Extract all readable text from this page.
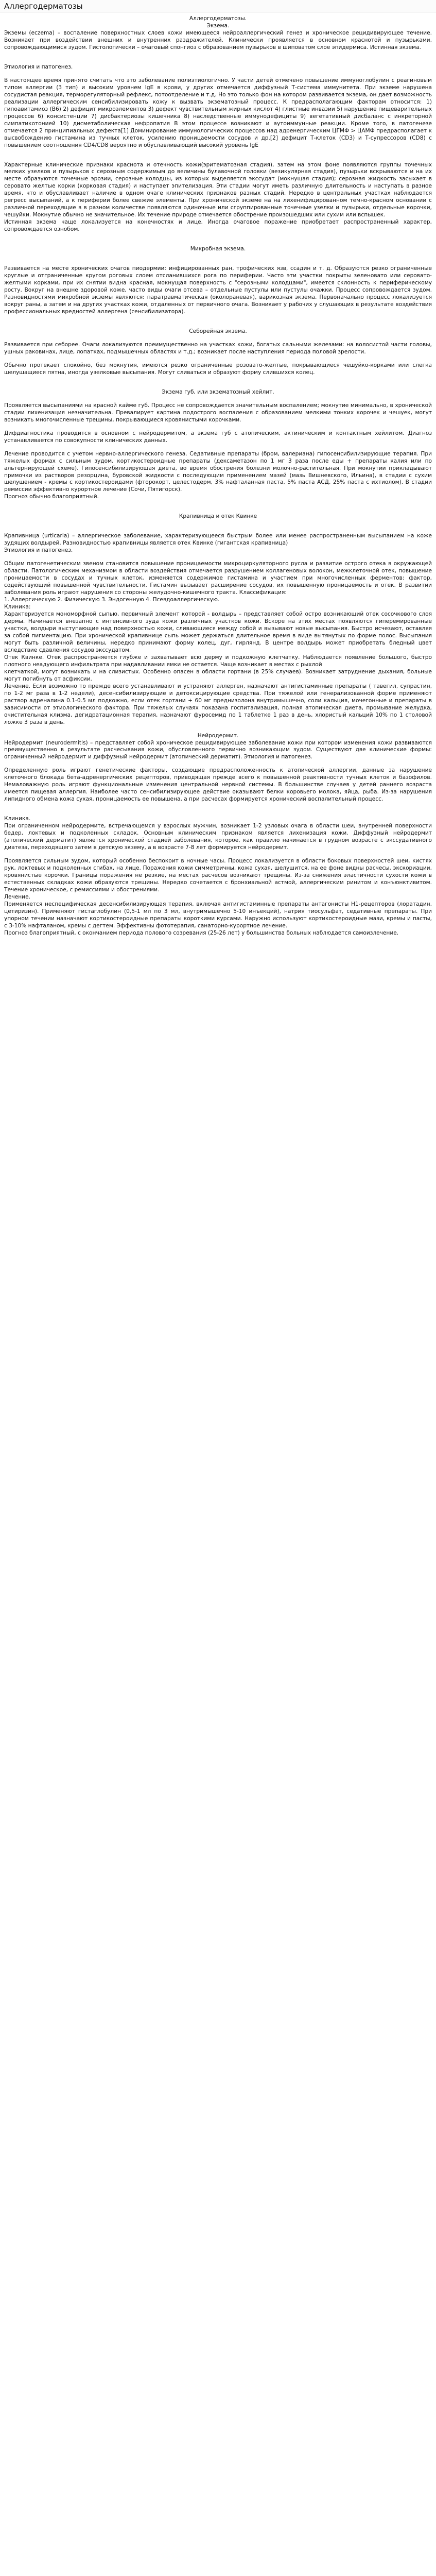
Аллергодерматозы

Аллергодерматозы.

Экзема.

Экземы (eczema) – воспаление поверхностных слоев кожи имеющееся нейроаллергический генез и хроническое рецидивирующее течение. Возникает при воздействии внешних и внутренних раздражителей. Клинически проявляется в основном краснотой и пузырьками, сопровождающимися зудом. Гистологически – очаговый спонгиоз с образованием пузырьков в шиповатом слое эпидермиса. Истинная экзема.

Этиология и патогенез.

В настоящее время принято считать что это заболевание полиэтиологично. У части детей отмечено повышение иммуноглобулин с реагиновым типом аллергии (3 тип) и высоким уровнем IgE в крови, у других отмечается диффузный Т-система иммунитета. При экземе нарушена сосудистая реакция, терморегуляторный рефлекс, потоотделение и т.д. Но это только фон на котором развивается экзема, он дает возможность реализации аллергическим сенсибилизировать кожу к вызвать экзематозный процесс. К предрасполагающим факторам относится: 1) гипоавитамиоз (В6) 2) дефицит микроэлементов 3) дефект чувствительным жирных кислот 4) глистные инвазии 5) нарушение пищеварительных процессов 6) консистенции 7) дисбактериозы кишечника 8) наследственные иммунодефициты 9) вегетативный дисбаланс с инкреторной симпатикотонией 10) дисметаболическая нефропатия В этом процессе возникают и аутоиммунные реакции. Кроме того, в патогенезе отмечается 2 принципиальных дефекта[1] Доминирование иммунологических процессов над адренергическим ЦГМФ > ЦАМФ предрасполагает к высвобождению гистамина из тучных клеток, усилению проницаемости сосудов и др.[2] дефицит Т-клеток (CD3) и Т-супрессоров (CD8) с повышением соотношения CD4/CD8 вероятно и обуславливающий высокий уровень IgE

Характерные клинические признаки краснота и отечность кожи(эритематозная стадия), затем на этом фоне появляются группы точечных мелких узелков и пузырьков с серозным содержимым до величины булавочной головки (везикулярная стадия), пузырьки вскрываются и на их месте образуются точечные эрозии, серозные колодцы, из которых выделяется экссудат (мокнущая стадия); серозная жидкость засыхает в серовато желтые корки (корковая стадия) и наступает эпителизация. Эти стадии могут иметь различную длительность и наступать в разное время, что и обуславливает наличие в одном очаге клинических признаков разных стадий. Нередко в центральных участках наблюдается регресс высыпаний, а к периферии более свежие элементы. При хронической экземе на на лихенифицированном темно-красном основании с различной переходящие в в разном количестве появляются одиночные или сгруппированные точечные узелки и пузырьки, отдельные корочки, чешуйки. Мокнутие обычно не значительное. Их течение природе отмечается обострение произошедших или сухим или вспышек.

Истинная экзема чаще локализуется на конечностях и лице. Иногда очаговое поражение приобретает распространенный характер, сопровождается ознобом.

Микробная экзема.

Развивается на месте хронических очагов пиодермии: инфицированных ран, трофических язв, ссадин и т. д. Образуются резко ограниченные круглые и отграниченные кругом роговых слоем отсланившихся рога по периферии. Часто эти участки покрыты зеленовато или серовато-желтыми корками, при их снятии видна красная, мокнущая поверхность с "серозными колодцами", имеется склонность к периферическому росту. Вокруг на внешне здоровой коже, часто виды очаги отсева – отдельные пустулы или пустулы очажки. Процесс сопровождается зудом. Разновидностями микробной экземы являются: паратравматическая (околораневая), варикозная экзема. Первоначально процесс локализуется вокруг раны, а затем и на других участках кожи, отдаленных от первичного очага. Возникает у рабочих у слушающих в результате воздействия профессиональных вредностей аллергена (сенсибилизатора).

Себорейная экзема.

Развивается при себорее. Очаги локализуются преимущественно на участках кожи, богатых сальными железами: на волосистой части головы, ушных раковинах, лице, лопатках, подмышечных областях и т.д.; возникает после наступления периода половой зрелости.

Обычно протекает спокойно, без мокнутия, имеются резко ограниченные розовато-желтые, покрывающиеся чешуйко-корками или слегка шелушащиеся пятна, иногда узелковые высыпания. Могут сливаться и образуют форму слившихся колец.

Экзема губ, или экзематозный хейлит.

Проявляется высыпаниями на красной кайме губ. Процесс не сопровождается значительным воспалением; мокнутие минимально, в хронической стадии лихенизация незначительна. Превалирует картина подострого воспаления с образованием мелкими тонких корочек и чешуек, могут возникать многочисленные трещины, покрывающиеся кровянистыми корочками.

Дифдиагностика проводится в основном с нейродермитом, а экзема губ с атопическим, актиническим и контактным хейлитом. Диагноз устанавливается по совокупности клинических данных.

Лечение проводится с учетом нервно-аллергического генеза. Седативные препараты (бром, валериана) гипосенсибилизирующие терапия. При тяжелых формах с сильным зудом, кортикостероидные препараты (дексаметазон по 1 мг 3 раза после еды + препараты калия или по альтернирующей схеме). Гипосенсибилизирующая диета, во время обострения болезни молочно-растительная. При мокнутии прикладывают примочки из растворов резорцина, буровской жидкости с последующим применением мазей (мазь Вишневского, Ильина), в стадии с сухим шелушением - кремы с кортикостероидами (фторокорт, целестодерм, 3% нафталанная паста, 5% паста АСД, 25% паста с ихтиолом). В стадии ремиссии эффективно курортное лечение (Сочи, Пятигорск).

Прогноз обычно благоприятный.

Крапивница и отек Квинке

Крапивница (urticaria) – аллергическое заболевание, характеризующееся быстрым более или менее распространенным высыпанием на коже зудящих волдырей. Разновидностью крапивницы является отек Квинке (гигантская крапивница)

Этиология и патогенез.

Общим патогенетическим звеном становится повышение проницаемости микроциркуляторного русла и развитие острого отека в окружающей области. Патологическим механизмом в области воздействия отмечается разрушением коллагеновых волокон, межклеточной отек, повышение проницаемости в сосудах и тучных клеток, изменяется содержимое гистамина и участием при многочисленных ферментов: фактор, содействующий повышенной чувствительности. Гистамин вызывает расширение сосудов, их повышенную проницаемость и отек. В развитии заболевания роль играют нарушения со стороны желудочно-кишечного тракта. Классификация:

1. Аллергическую 2. Физическую 3. Эндогенную 4. Псевдоаллергическую.

Клиника:

Характеризуется мономорфной сыпью, первичный элемент которой - волдырь – представляет собой остро возникающий отек сосочкового слоя дермы. Начинается внезапно с интенсивного зуда кожи различных участков кожи. Вскоре на этих местах появляются гиперемированные участки, волдыри выступающие над поверхностью кожи, сливающиеся между собой и вызывают новые высыпания. Быстро исчезают, оставляя за собой пигментацию. При хронической крапивнице сыпь может держаться длительное время в виде вытянутых по форме полос. Высыпания могут быть различной величины, нередко принимают форму колец, дуг, гирлянд. В центре волдырь может приобретать бледный цвет вследствие сдавления сосудов экссудатом.

Отек Квинке. Отек распространяется глубже и захватывает всю дерму и подкожную клетчатку. Наблюдается появление большого, быстро плотного неадующего инфильтрата при надавливании ямки не остается. Чаще возникает в местах с рыхлой

клетчаткой, могут возникать и на слизистых. Особенно опасен в области гортани (в 25% случаев). Возникает затруднение дыхания, больные могут погибнуть от асфиксии.

Лечение. Если возможно то прежде всего устанавливают и устраняют аллерген, назначают антигистаминные препараты ( тавегил, супрастин, по 1-2 мг раза в 1-2 недели), десенсибилизирующие и детоксицирующие средства. При тяжелой или генерализованной форме применяют раствор адреналина 0.1-0.5 мл подкожно, если отек гортани + 60 мг преднизолона внутримышечно, соли кальция, мочегонные и препараты в зависимости от этиологического фактора. При тяжелых случаях показана госпитализация, полная атопическая диета, промывание желудка, очистительная клизма, дегидратационная терапия, назначают фуросемид по 1 таблетке 1 раз в день, хлористый кальций 10% по 1 столовой ложке 3 раза в день.

Нейродермит.

Нейродермит (neurodermitis) – представляет собой хроническое рецидивирующее заболевание кожи при котором изменения кожи развиваются преимущественно в результате расчесывания кожи, обусловленного первично возникающим зудом. Существуют две клинические формы: ограниченный нейродермит и диффузный нейродермит (атопический дерматит). Этиология и патогенез.

Определенную роль играют генетические факторы, создающие предрасположенность к атопической аллергии, данные за нарушение клеточного блокада бета-адренергических рецепторов, приводящая прежде всего к повышенной реактивности тучных клеток и базофилов. Немаловажную роль играют функциональные изменения центральной нервной системы. В большинстве случаев у детей раннего возраста имеется пищевая аллергия. Наиболее часто сенсибилизирующее действие оказывают белки коровьего молока, яйца, рыба. Из-за нарушения липидного обмена кожа сухая, проницаемость ее повышена, а при расчесах формируется хронический воспалительный процесс.

Клиника.

При ограниченном нейродермите, встречающемся у взрослых мужчин, возникает 1-2 узловых очага в области шеи, внутренней поверхности бедер, локтевых и подколенных складок. Основным клиническим признаком является лихенизация кожи. Диффузный нейродермит (атопический дерматит) является хронической стадией заболевания, которое, как правило начинается в грудном возрасте с экссудативного диатеза, переходящего затем в детскую экзему, а в возрасте 7-8 лет формируется нейродермит.

Проявляется сильным зудом, который особенно беспокоит в ночные часы. Процесс локализуется в области боковых поверхностей шеи, кистях рук, локтевых и подколенных сгибах, на лице. Поражения кожи симметричны, кожа сухая, шелушится, на ее фоне видны расчесы, экскориации, кровянистые корочки. Границы поражения не резкие, на местах расчесов возникают трещины. Из-за снижения эластичности сухости кожи в естественных складках кожи образуются трещины. Нередко сочетается с бронхиальной астмой, аллергическим ринитом и конъюнктивитом. Течение хроническое, с ремиссиями и обострениями.

Лечение.

Применяется неспецифическая десенсибилизирующая терапия, включая антигистаминные препараты антагонисты H1-рецепторов (лоратадин, цетиризин). Применяют гистаглобулин (0,5-1 мл по 3 мл, внутримышечно 5-10 инъекций), натрия тиосульфат, седативные препараты. При упорном течении назначают кортикостероидные препараты короткими курсами. Наружно используют кортикостероидные мази, кремы и пасты, с 3-10% нафталаном, кремы с дегтем. Эффективны фототерапия, санаторно-курортное лечение.

Прогноз благоприятный, с окончанием периода полового созревания (25-26 лет) у большинства больных наблюдается самоизлечение.
